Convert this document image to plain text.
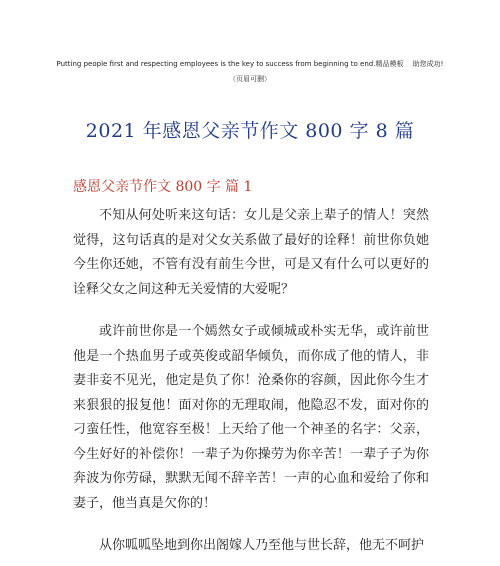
Putting people first and respecting employees is the key to success from beginning to end.精品模板　 助您成功!
（页眉可删）
2021 年感恩父亲节作文 800 字 8 篇
感恩父亲节作文 800 字 篇 1

不知从何处听来这句话：女儿是父亲上辈子的情人！突然觉得，这句话真的是对父女关系做了最好的诠释！前世你负她今生你还她，不管有没有前生今世，可是又有什么可以更好的诠释父女之间这种无关爱情的大爱呢？

或许前世你是一个嫣然女子或倾城或朴实无华，或许前世他是一个热血男子或英俊或韶华倾负，而你成了他的情人，非妻非妾不见光，他定是负了你！沧桑你的容颜，因此你今生才来狠狠的报复他！面对你的无理取闹，他隐忍不发，面对你的刁蛮任性，他宽容至极！上天给了他一个神圣的名字：父亲，今生好好的补偿你！一辈子为你操劳为你辛苦！一辈子子为你奔波为你劳碌，默默无闻不辞辛苦！一声的心血和爱给了你和妻子，他当真是欠你的！

从你呱呱坠地到你出阁嫁人乃至他与世长辞，他无不呵护
